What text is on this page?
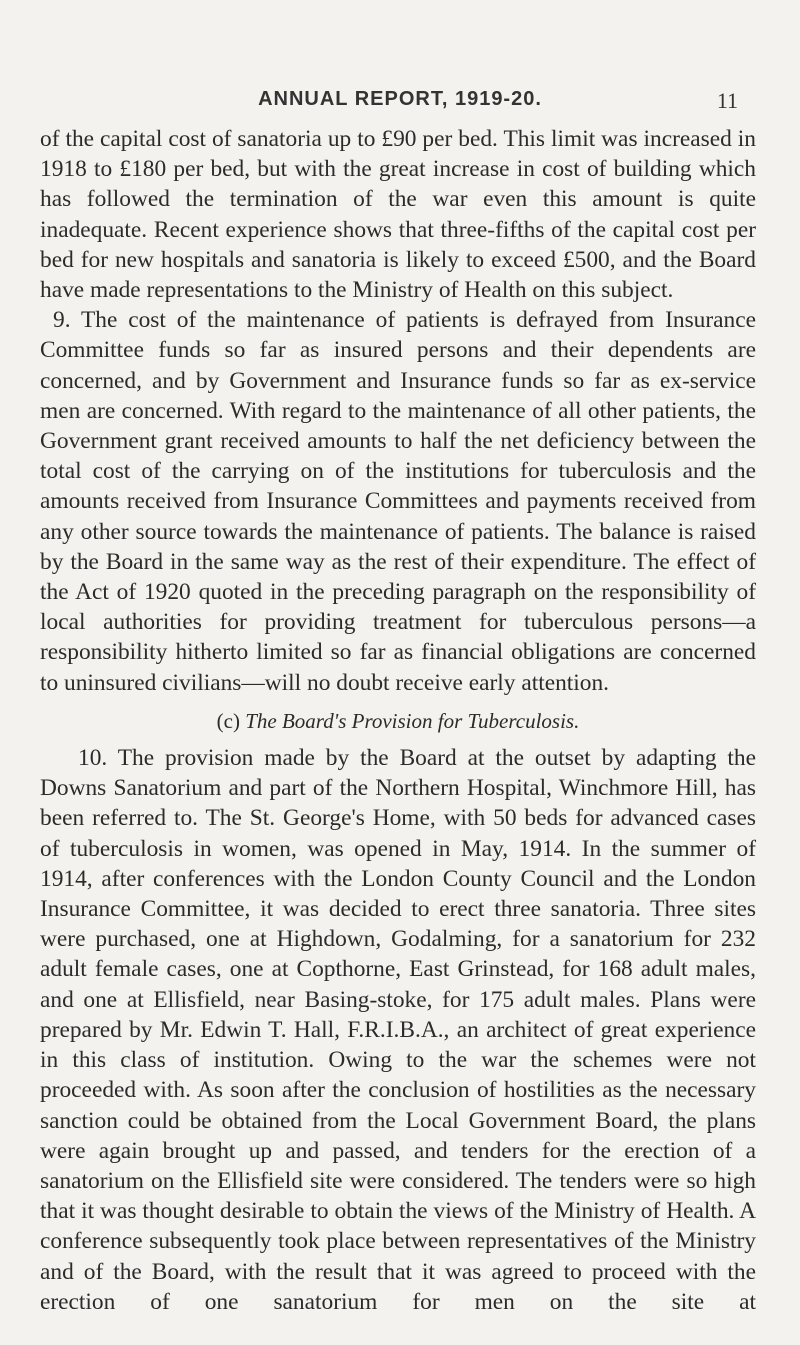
ANNUAL REPORT, 1919-20.	11

of the capital cost of sanatoria up to £90 per bed. This limit was increased in 1918 to £180 per bed, but with the great increase in cost of building which has followed the termination of the war even this amount is quite inadequate. Recent experience shows that three-fifths of the capital cost per bed for new hospitals and sanatoria is likely to exceed £500, and the Board have made representations to the Ministry of Health on this subject.

9. The cost of the maintenance of patients is defrayed from Insurance Committee funds so far as insured persons and their dependents are concerned, and by Government and Insurance funds so far as ex-service men are concerned. With regard to the maintenance of all other patients, the Government grant received amounts to half the net deficiency between the total cost of the carrying on of the institutions for tuberculosis and the amounts received from Insurance Committees and payments received from any other source towards the maintenance of patients. The balance is raised by the Board in the same way as the rest of their expenditure. The effect of the Act of 1920 quoted in the preceding paragraph on the responsibility of local authorities for providing treatment for tuberculous persons—a responsibility hitherto limited so far as financial obligations are concerned to uninsured civilians—will no doubt receive early attention.

(c) The Board's Provision for Tuberculosis.

10. The provision made by the Board at the outset by adapting the Downs Sanatorium and part of the Northern Hospital, Winchmore Hill, has been referred to. The St. George's Home, with 50 beds for advanced cases of tuberculosis in women, was opened in May, 1914. In the summer of 1914, after conferences with the London County Council and the London Insurance Committee, it was decided to erect three sanatoria. Three sites were purchased, one at Highdown, Godalming, for a sanatorium for 232 adult female cases, one at Copthorne, East Grinstead, for 168 adult males, and one at Ellisfield, near Basing-stoke, for 175 adult males. Plans were prepared by Mr. Edwin T. Hall, F.R.I.B.A., an architect of great experience in this class of institution. Owing to the war the schemes were not proceeded with. As soon after the conclusion of hostilities as the necessary sanction could be obtained from the Local Government Board, the plans were again brought up and passed, and tenders for the erection of a sanatorium on the Ellisfield site were considered. The tenders were so high that it was thought desirable to obtain the views of the Ministry of Health. A conference subsequently took place between representatives of the Ministry and of the Board, with the result that it was agreed to proceed with the erection of one sanatorium for men on the site at
